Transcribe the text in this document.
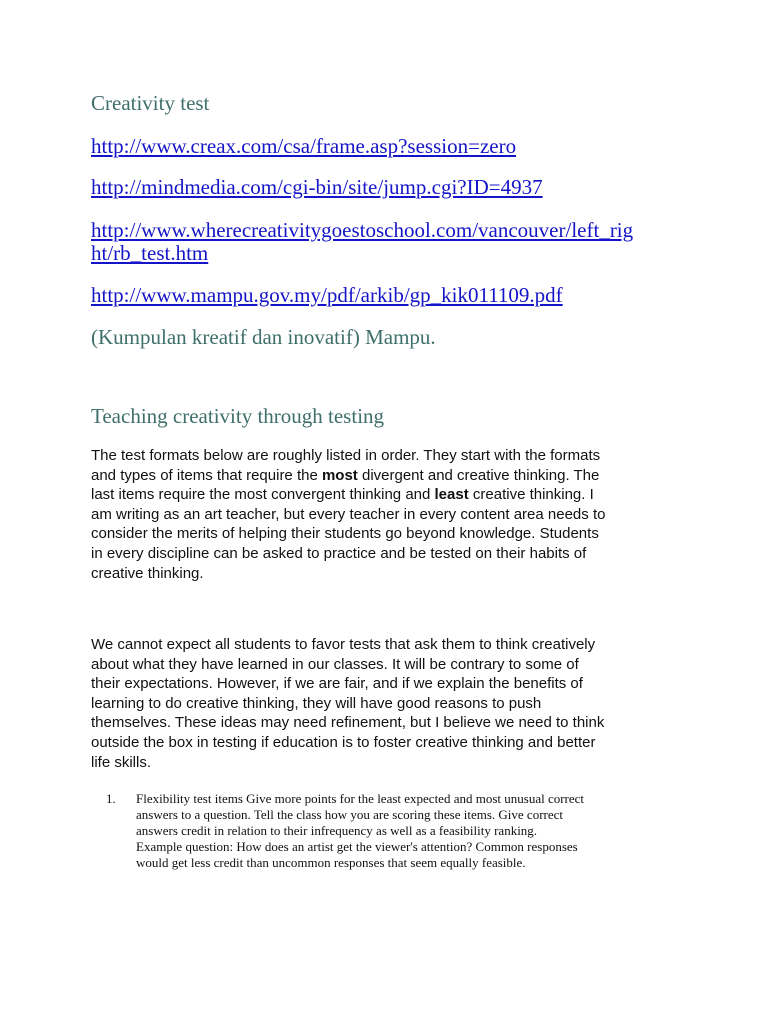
Creativity test
http://www.creax.com/csa/frame.asp?session=zero
http://mindmedia.com/cgi-bin/site/jump.cgi?ID=4937
http://www.wherecreativitygoestoschool.com/vancouver/left_rig
ht/rb_test.htm
http://www.mampu.gov.my/pdf/arkib/gp_kik011109.pdf
(Kumpulan kreatif dan inovatif) Mampu.
Teaching creativity through testing
The test formats below are roughly listed in order. They start with the formats
and types of items that require the most divergent and creative thinking. The
last items require the most convergent thinking and least creative thinking. I
am writing as an art teacher, but every teacher in every content area needs to
consider the merits of helping their students go beyond knowledge. Students
in every discipline can be asked to practice and be tested on their habits of
creative thinking.
We cannot expect all students to favor tests that ask them to think creatively
about what they have learned in our classes. It will be contrary to some of
their expectations. However, if we are fair, and if we explain the benefits of
learning to do creative thinking, they will have good reasons to push
themselves. These ideas may need refinement, but I believe we need to think
outside the box in testing if education is to foster creative thinking and better
life skills.
1. Flexibility test items Give more points for the least expected and most unusual correct
answers to a question. Tell the class how you are scoring these items. Give correct
answers credit in relation to their infrequency as well as a feasibility ranking.
Example question: How does an artist get the viewer's attention? Common responses
would get less credit than uncommon responses that seem equally feasible.
